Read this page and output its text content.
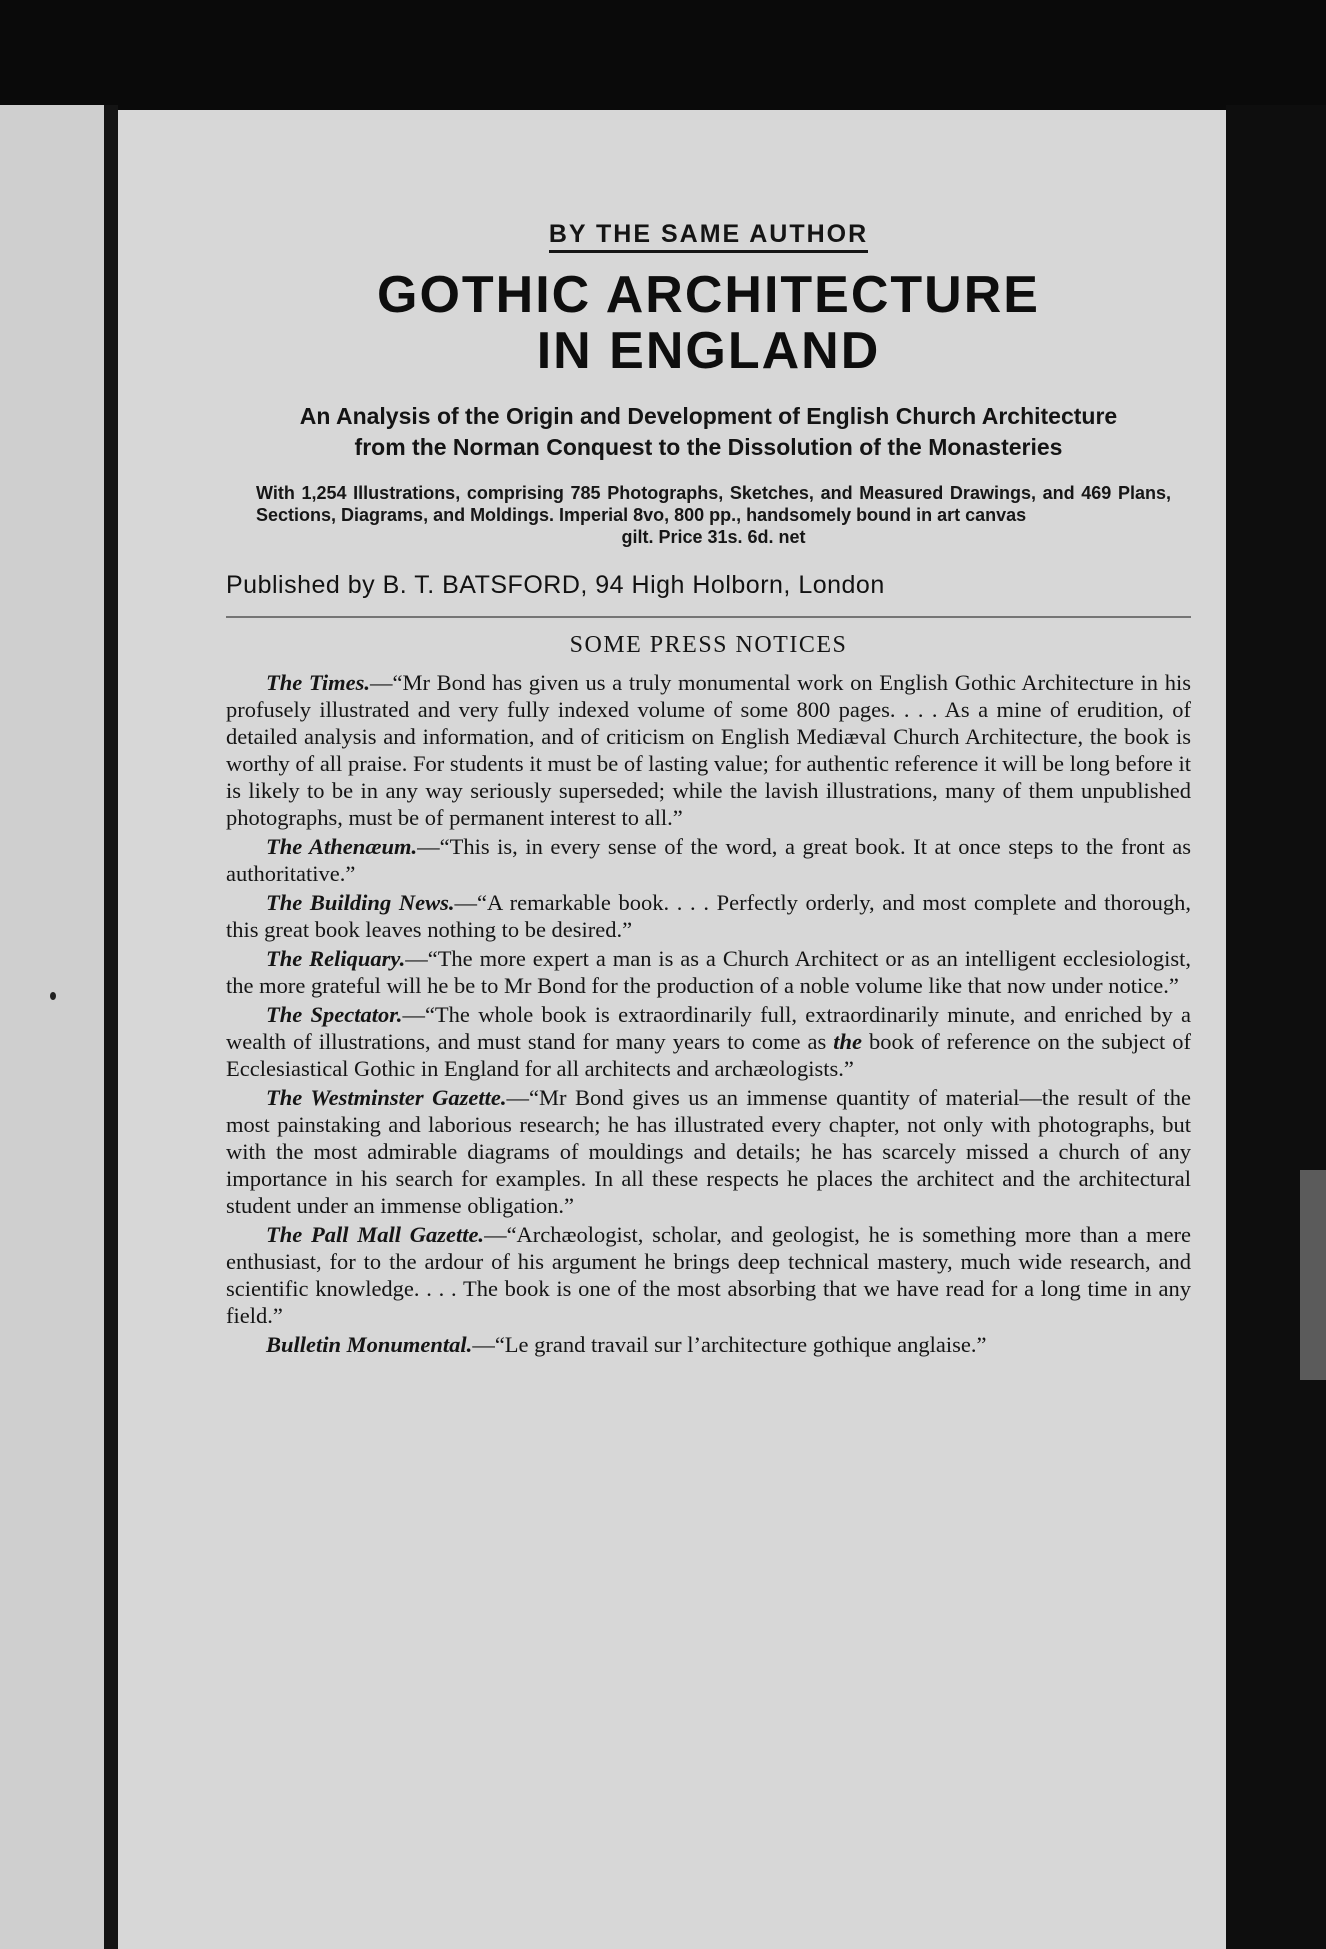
BY THE SAME AUTHOR
GOTHIC ARCHITECTURE
IN ENGLAND
An Analysis of the Origin and Development of English Church Architecture from the Norman Conquest to the Dissolution of the Monasteries
With 1,254 Illustrations, comprising 785 Photographs, Sketches, and Measured Drawings, and 469 Plans, Sections, Diagrams, and Moldings. Imperial 8vo, 800 pp., handsomely bound in art canvas
gilt. Price 31s. 6d. net
Published by B. T. BATSFORD, 94 High Holborn, London
SOME PRESS NOTICES

The Times.—“Mr Bond has given us a truly monumental work on English Gothic Architecture in his profusely illustrated and very fully indexed volume of some 800 pages. . . . As a mine of erudition, of detailed analysis and information, and of criticism on English Mediæval Church Architecture, the book is worthy of all praise. For students it must be of lasting value; for authentic reference it will be long before it is likely to be in any way seriously superseded; while the lavish illustrations, many of them unpublished photographs, must be of permanent interest to all.”

The Athenæum.—“This is, in every sense of the word, a great book. It at once steps to the front as authoritative.”

The Building News.—“A remarkable book. . . . Perfectly orderly, and most complete and thorough, this great book leaves nothing to be desired.”

The Reliquary.—“The more expert a man is as a Church Architect or as an intelligent ecclesiologist, the more grateful will he be to Mr Bond for the production of a noble volume like that now under notice.”

The Spectator.—“The whole book is extraordinarily full, extraordinarily minute, and enriched by a wealth of illustrations, and must stand for many years to come as the book of reference on the subject of Ecclesiastical Gothic in England for all architects and archæologists.”

The Westminster Gazette.—“Mr Bond gives us an immense quantity of material—the result of the most painstaking and laborious research; he has illustrated every chapter, not only with photographs, but with the most admirable diagrams of mouldings and details; he has scarcely missed a church of any importance in his search for examples. In all these respects he places the architect and the architectural student under an immense obligation.”

The Pall Mall Gazette.—“Archæologist, scholar, and geologist, he is something more than a mere enthusiast, for to the ardour of his argument he brings deep technical mastery, much wide research, and scientific knowledge. . . . The book is one of the most absorbing that we have read for a long time in any field.”

Bulletin Monumental.—“Le grand travail sur l’architecture gothique anglaise.”
